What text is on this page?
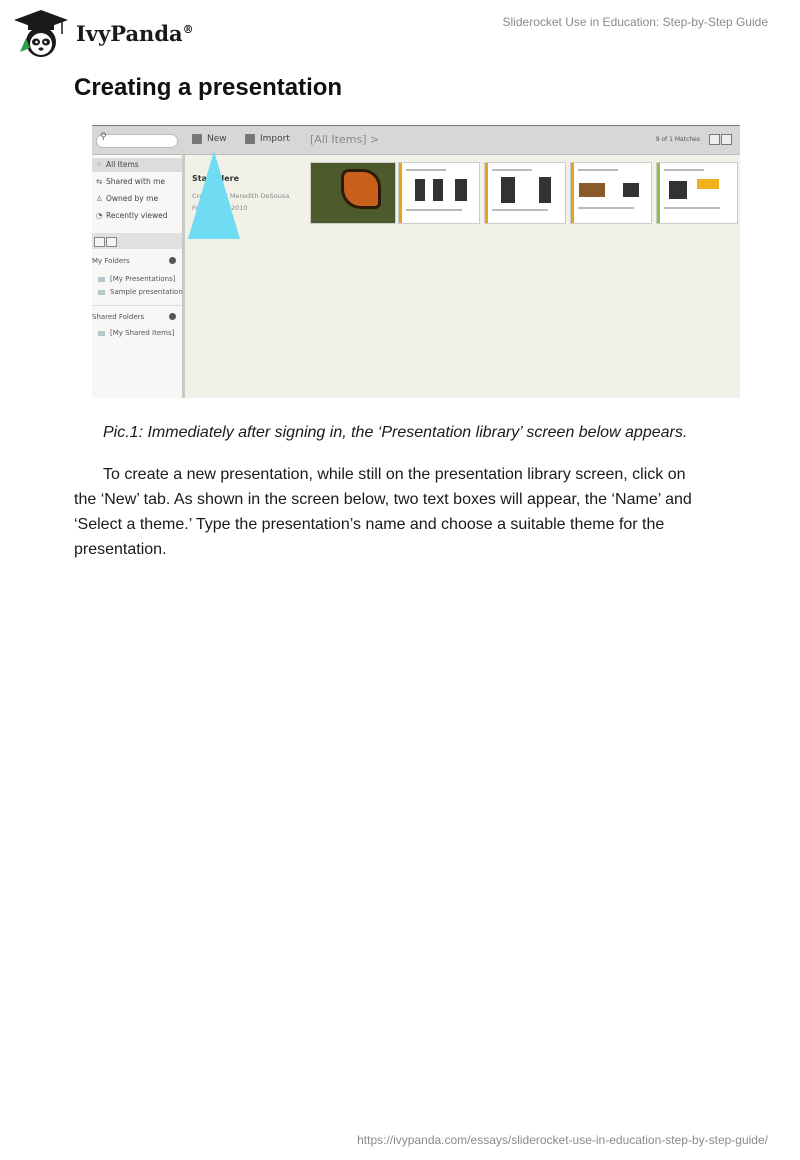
IvyPanda®	Sliderocket Use in Education: Step-by-Step Guide
Creating a presentation
⚲	New	Import [All Items] >	9 of 1 Matches
⁘ All Items
⇆ Shared with me
♙ Owned by me
◔ Recently viewed
My Folders
[My Presentations]
Sample presentation
Shared Folders
[My Shared Items]
Start Here
Created by Meredith DeSousa
Fri, Nov 12, 2010
Pic.1: Immediately after signing in, the ‘Presentation library’ screen below appears.
To create a new presentation, while still on the presentation library screen, click on
the ‘New’ tab. As shown in the screen below, two text boxes will appear, the ‘Name’ and
‘Select a theme.’ Type the presentation’s name and choose a suitable theme for the
presentation.
https://ivypanda.com/essays/sliderocket-use-in-education-step-by-step-guide/
